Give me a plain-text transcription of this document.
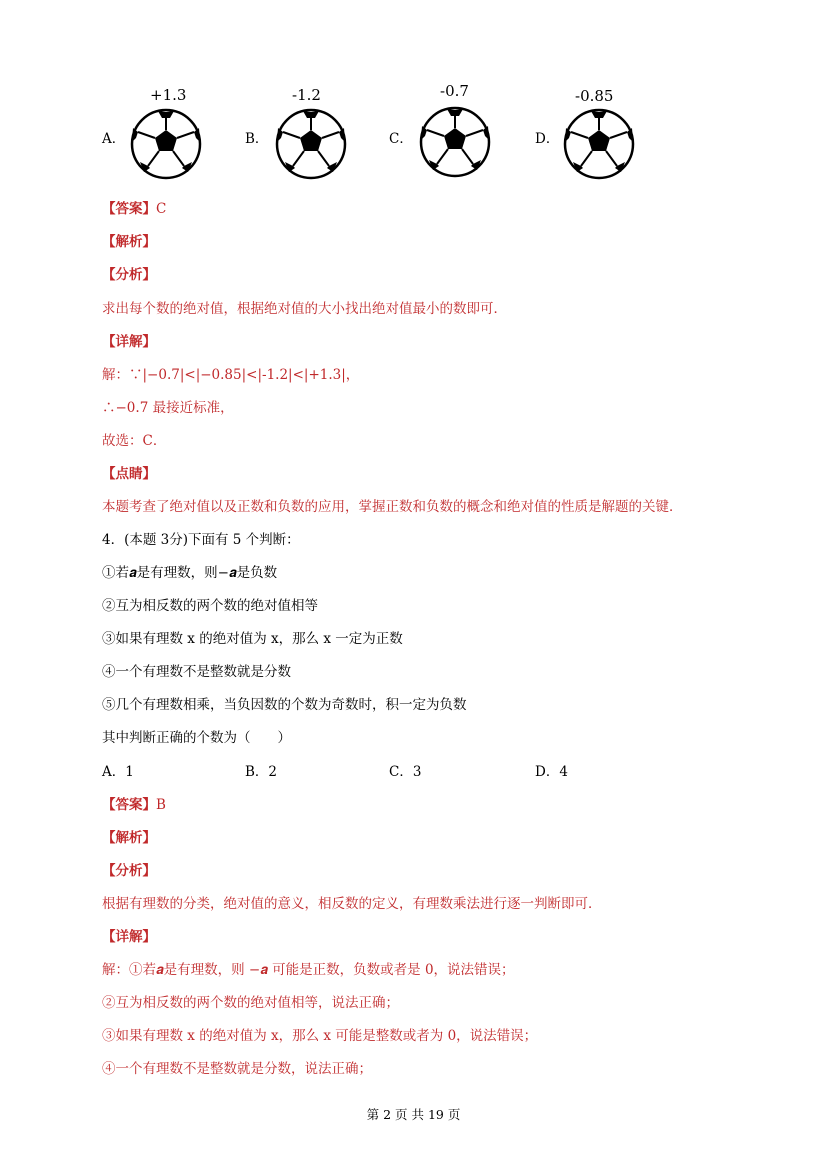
A．
+1.3
B．
-1.2
C．
-0.7
D．
-0.85
【答案】C
【解析】
【分析】
求出每个数的绝对值，根据绝对值的大小找出绝对值最小的数即可．
【详解】
解：∵|−0.7|<|−0.85|<|-1.2|<|+1.3|，
∴−0.7 最接近标准，
故选：C．
【点睛】
本题考查了绝对值以及正数和负数的应用，掌握正数和负数的概念和绝对值的性质是解题的关键．
4．(本题 3分)下面有 5 个判断：
①若𝒂是有理数，则−𝒂是负数
②互为相反数的两个数的绝对值相等
③如果有理数 x 的绝对值为 x，那么 x 一定为正数
④一个有理数不是整数就是分数
⑤几个有理数相乘，当负因数的个数为奇数时，积一定为负数
其中判断正确的个数为（　　）
A．1	B．2	C．3	D．4
【答案】B
【解析】
【分析】
根据有理数的分类，绝对值的意义，相反数的定义，有理数乘法进行逐一判断即可．
【详解】
解：①若𝒂是有理数，则 −𝒂 可能是正数，负数或者是 0，说法错误；
②互为相反数的两个数的绝对值相等，说法正确；
③如果有理数 x 的绝对值为 x，那么 x 可能是整数或者为 0，说法错误；
④一个有理数不是整数就是分数，说法正确；
第 2 页 共 19 页
